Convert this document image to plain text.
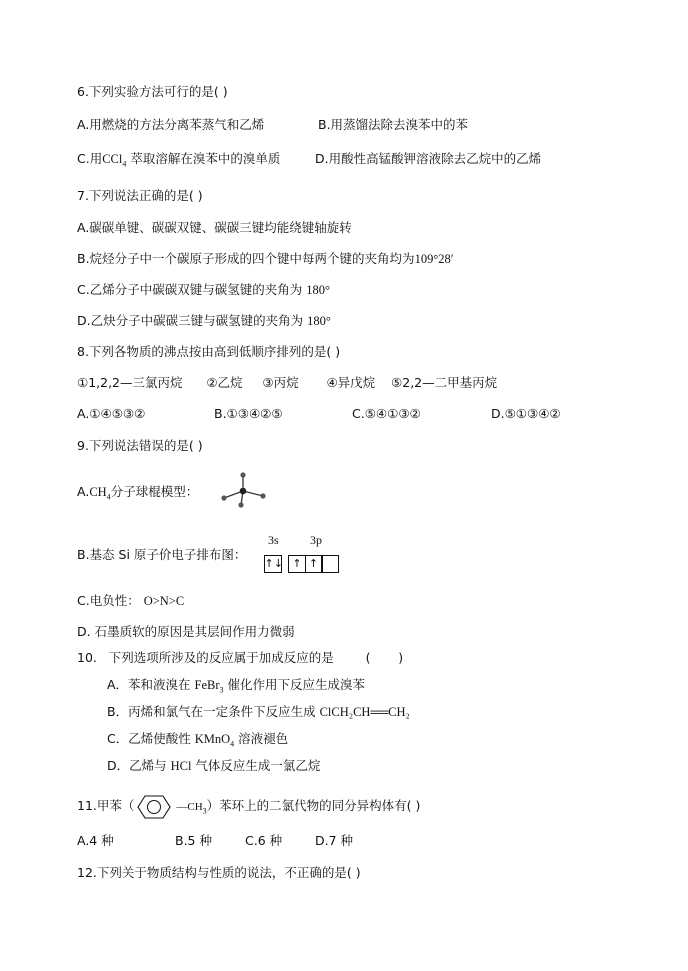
6.下列实验方法可行的是( )
A.用燃烧的方法分离苯蒸气和乙烯	B.用蒸馏法除去溴苯中的苯
C.用CCl$_4$ 萃取溶解在溴苯中的溴单质	D.用酸性高锰酸钾溶液除去乙烷中的乙烯
7.下列说法正确的是( )
A.碳碳单键、碳碳双键、碳碳三键均能绕键轴旋转
B.烷烃分子中一个碳原子形成的四个键中每两个键的夹角均为109°28′
C.乙烯分子中碳碳双键与碳氢键的夹角为 180°
D.乙炔分子中碳碳三键与碳氢键的夹角为 180°
8.下列各物质的沸点按由高到低顺序排列的是( )
①1,2,2—三氯丙烷      ②乙烷     ③丙烷       ④异戊烷    ⑤2,2—二甲基丙烷
A.①④⑤③②	B.①③④②⑤	C.⑤④①③②	D.⑤①③④②
9.下列说法错误的是( )
$A.CH_4$分子球棍模型：
B.基态 Si 原子价电子排布图：
3s	3p
↑↓ ↑ ↑
C.电负性： O>N>C
D. 石墨质软的原因是其层间作用力微弱
10.   下列选项所涉及的反应属于加成反应的是        (       )
A．苯和液溴在 FeBr$_3$ 催化作用下反应生成溴苯
B．丙烯和氯气在一定条件下反应生成 ClCH₂CH══CH₂
C．乙烯使酸性 KMnO$_4$ 溶液褪色
D．乙烯与 HCl 气体反应生成一氯乙烷
11.甲苯（	$—CH_3$）苯环上的二氯代物的同分异构体有( )
A.4 种	B.5 种	C.6 种	D.7 种
12.下列关于物质结构与性质的说法，不正确的是( )
